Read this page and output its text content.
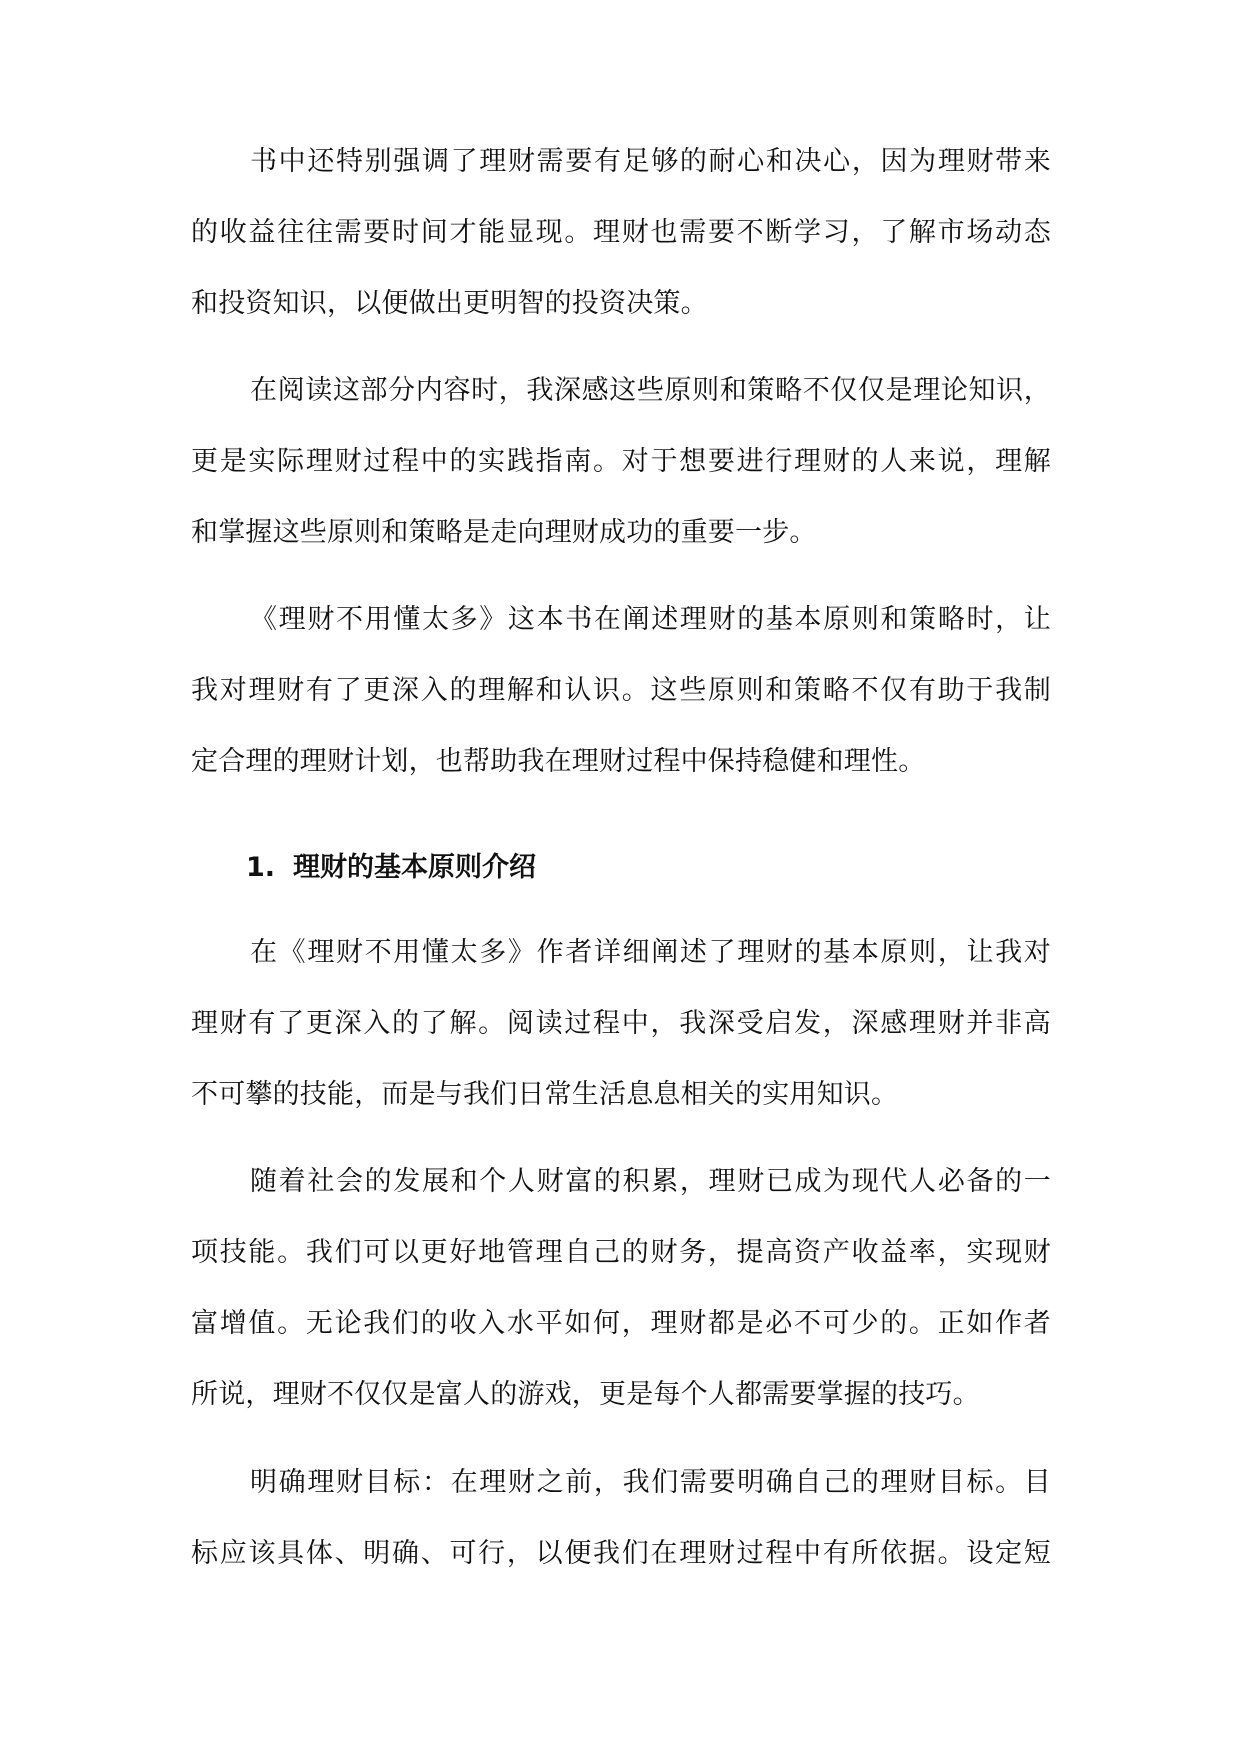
书中还特别强调了理财需要有足够的耐心和决心，因为理财带来
的收益往往需要时间才能显现。理财也需要不断学习，了解市场动态
和投资知识，以便做出更明智的投资决策。
在阅读这部分内容时，我深感这些原则和策略不仅仅是理论知识，
更是实际理财过程中的实践指南。对于想要进行理财的人来说，理解
和掌握这些原则和策略是走向理财成功的重要一步。
《理财不用懂太多》这本书在阐述理财的基本原则和策略时，让
我对理财有了更深入的理解和认识。这些原则和策略不仅有助于我制
定合理的理财计划，也帮助我在理财过程中保持稳健和理性。
1. 理财的基本原则介绍
在《理财不用懂太多》作者详细阐述了理财的基本原则，让我对
理财有了更深入的了解。阅读过程中，我深受启发，深感理财并非高
不可攀的技能，而是与我们日常生活息息相关的实用知识。
随着社会的发展和个人财富的积累，理财已成为现代人必备的一
项技能。我们可以更好地管理自己的财务，提高资产收益率，实现财
富增值。无论我们的收入水平如何，理财都是必不可少的。正如作者
所说，理财不仅仅是富人的游戏，更是每个人都需要掌握的技巧。
明确理财目标：在理财之前，我们需要明确自己的理财目标。目
标应该具体、明确、可行，以便我们在理财过程中有所依据。设定短
